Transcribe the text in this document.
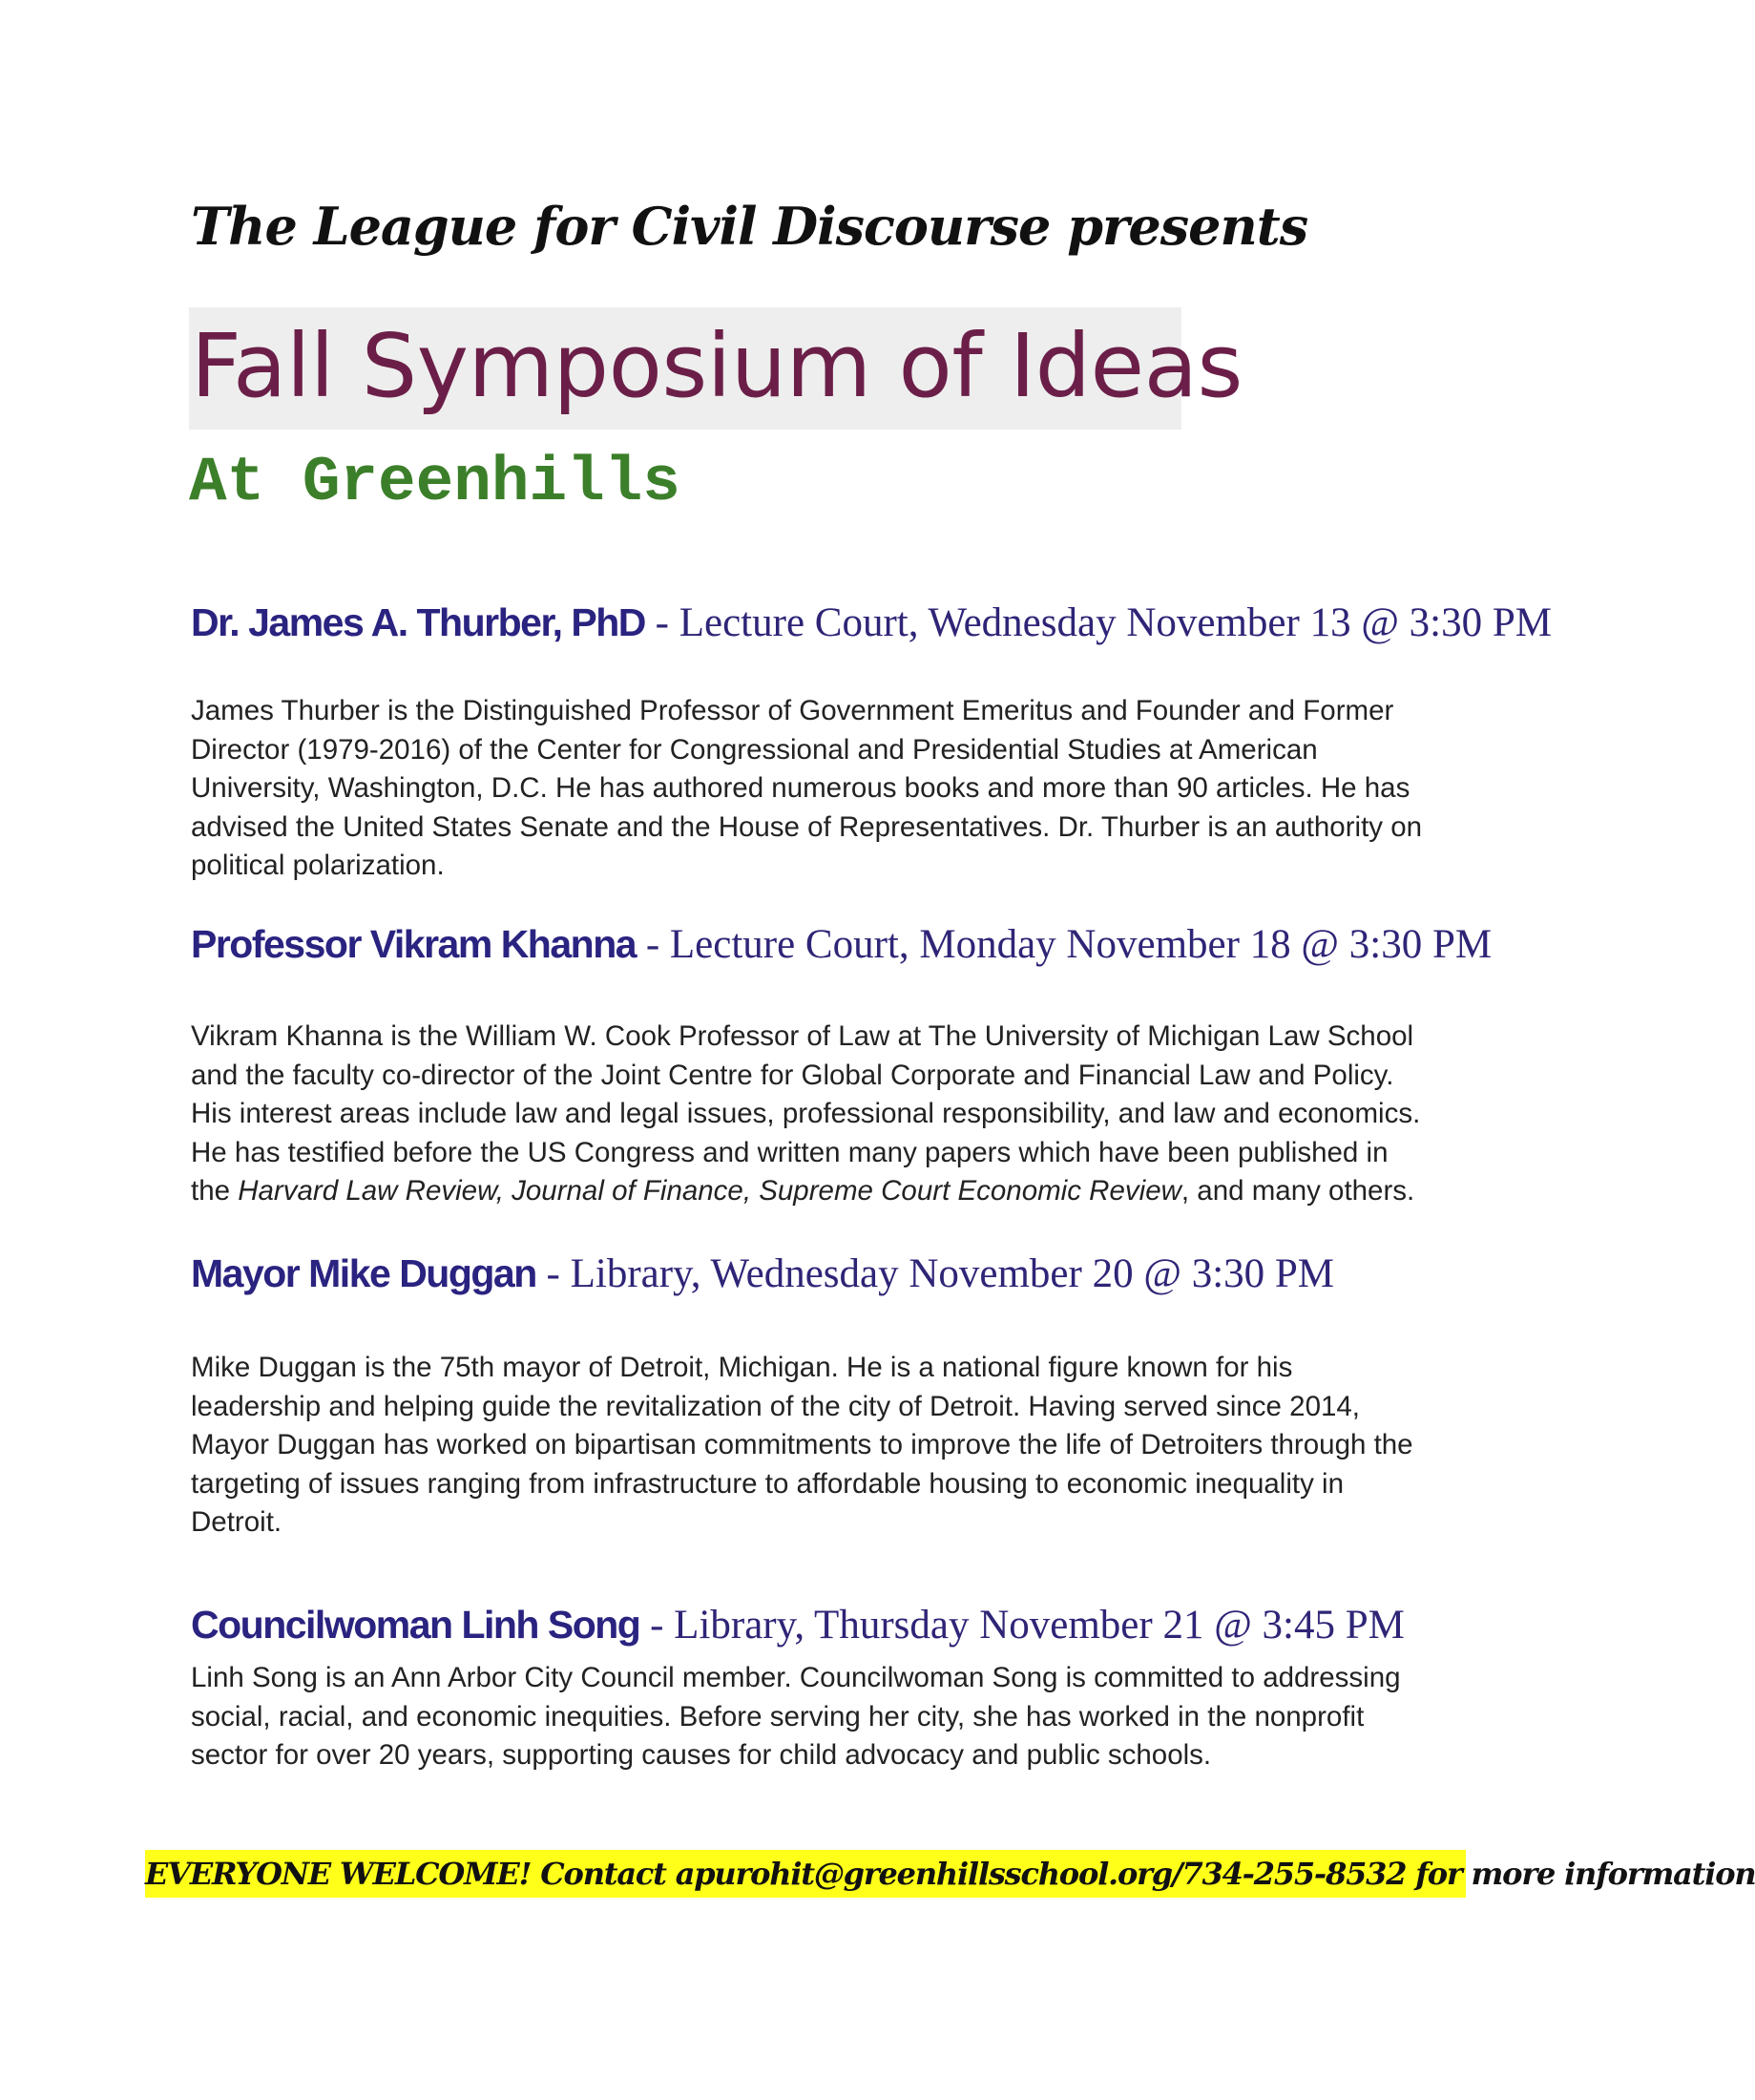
The League for Civil Discourse presents
Fall Symposium of Ideas
At Greenhills
Dr. James A. Thurber, PhD - Lecture Court, Wednesday November 13 @ 3:30 PM

James Thurber is the Distinguished Professor of Government Emeritus and Founder and Former
Director (1979-2016) of the Center for Congressional and Presidential Studies at American
University, Washington, D.C. He has authored numerous books and more than 90 articles. He has
advised the United States Senate and the House of Representatives. Dr. Thurber is an authority on
political polarization.

Professor Vikram Khanna - Lecture Court, Monday November 18 @ 3:30 PM

Vikram Khanna is the William W. Cook Professor of Law at The University of Michigan Law School
and the faculty co-director of the Joint Centre for Global Corporate and Financial Law and Policy.
His interest areas include law and legal issues, professional responsibility, and law and economics.
He has testified before the US Congress and written many papers which have been published in
the Harvard Law Review, Journal of Finance, Supreme Court Economic Review, and many others.

Mayor Mike Duggan - Library, Wednesday November 20 @ 3:30 PM

Mike Duggan is the 75th mayor of Detroit, Michigan. He is a national figure known for his
leadership and helping guide the revitalization of the city of Detroit. Having served since 2014,
Mayor Duggan has worked on bipartisan commitments to improve the life of Detroiters through the
targeting of issues ranging from infrastructure to affordable housing to economic inequality in
Detroit.

Councilwoman Linh Song - Library, Thursday November 21 @ 3:45 PM

Linh Song is an Ann Arbor City Council member. Councilwoman Song is committed to addressing
social, racial, and economic inequities. Before serving her city, she has worked in the nonprofit
sector for over 20 years, supporting causes for child advocacy and public schools.

EVERYONE WELCOME! Contact apurohit@greenhillsschool.org/734-255-8532 for more information
